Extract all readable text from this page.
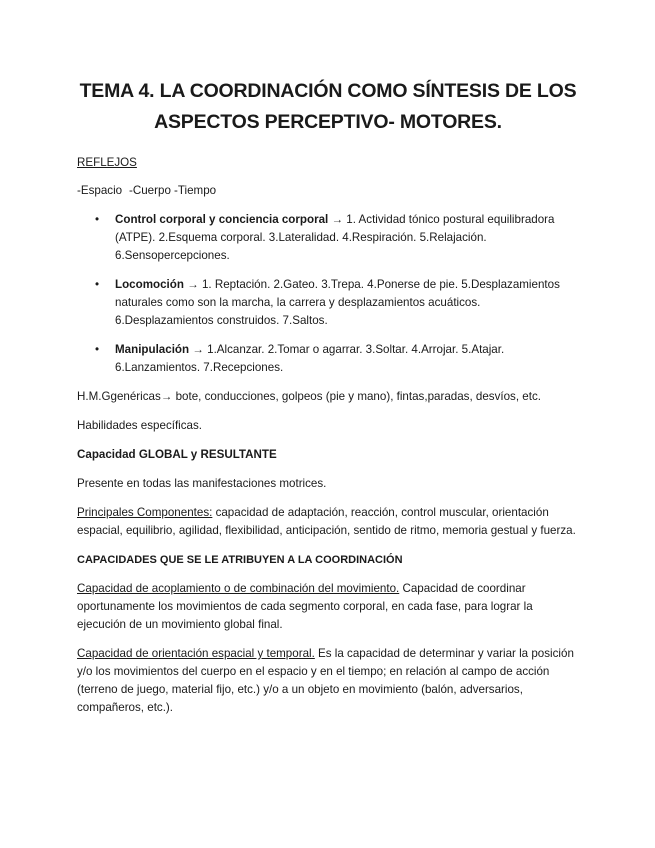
TEMA 4. LA COORDINACIÓN COMO SÍNTESIS DE LOS
ASPECTOS PERCEPTIVO- MOTORES.

REFLEJOS

-Espacio -Cuerpo -Tiempo

• Control corporal y conciencia corporal → 1. Actividad tónico postural equilibradora (ATPE). 2.Esquema corporal. 3.Lateralidad. 4.Respiración. 5.Relajación. 6.Sensopercepciones.
• Locomoción → 1. Reptación. 2.Gateo. 3.Trepa. 4.Ponerse de pie. 5.Desplazamientos naturales como son la marcha, la carrera y desplazamientos acuáticos. 6.Desplazamientos construidos. 7.Saltos.
• Manipulación → 1.Alcanzar. 2.Tomar o agarrar. 3.Soltar. 4.Arrojar. 5.Atajar. 6.Lanzamientos. 7.Recepciones.

H.M.Ggenéricas→ bote, conducciones, golpeos (pie y mano), fintas,paradas, desvíos, etc.

Habilidades específicas.

Capacidad GLOBAL y RESULTANTE

Presente en todas las manifestaciones motrices.

Principales Componentes: capacidad de adaptación, reacción, control muscular, orientación espacial, equilibrio, agilidad, flexibilidad, anticipación, sentido de ritmo, memoria gestual y fuerza.

CAPACIDADES QUE SE LE ATRIBUYEN A LA COORDINACIÓN

Capacidad de acoplamiento o de combinación del movimiento. Capacidad de coordinar oportunamente los movimientos de cada segmento corporal, en cada fase, para lograr la ejecución de un movimiento global final.

Capacidad de orientación espacial y temporal. Es la capacidad de determinar y variar la posición y/o los movimientos del cuerpo en el espacio y en el tiempo; en relación al campo de acción (terreno de juego, material fijo, etc.) y/o a un objeto en movimiento (balón, adversarios, compañeros, etc.).
